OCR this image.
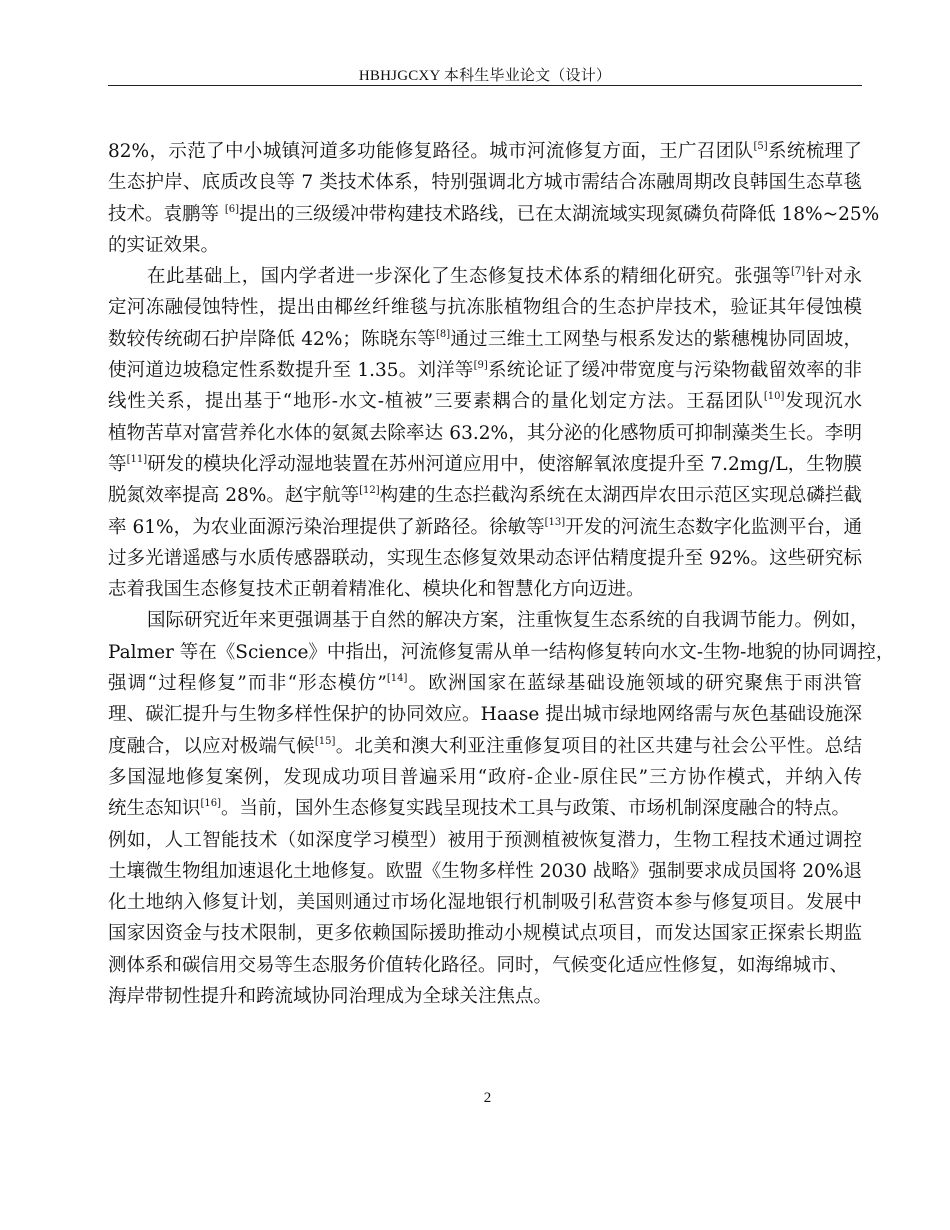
HBHJGCXY 本科生毕业论文（设计）
82%，示范了中小城镇河道多功能修复路径。城市河流修复方面，王广召团队[5]系统梳理了
生态护岸、底质改良等 7 类技术体系，特别强调北方城市需结合冻融周期改良韩国生态草毯
技术。袁鹏等 [6]提出的三级缓冲带构建技术路线，已在太湖流域实现氮磷负荷降低 18%~25%
的实证效果。
在此基础上，国内学者进一步深化了生态修复技术体系的精细化研究。张强等[7]针对永
定河冻融侵蚀特性，提出由椰丝纤维毯与抗冻胀植物组合的生态护岸技术，验证其年侵蚀模
数较传统砌石护岸降低 42%；陈晓东等[8]通过三维土工网垫与根系发达的紫穗槐协同固坡，
使河道边坡稳定性系数提升至 1.35。刘洋等[9]系统论证了缓冲带宽度与污染物截留效率的非
线性关系，提出基于“地形-水文-植被”三要素耦合的量化划定方法。王磊团队[10]发现沉水
植物苦草对富营养化水体的氨氮去除率达 63.2%，其分泌的化感物质可抑制藻类生长。李明
等[11]研发的模块化浮动湿地装置在苏州河道应用中，使溶解氧浓度提升至 7.2mg/L，生物膜
脱氮效率提高 28%。赵宇航等[12]构建的生态拦截沟系统在太湖西岸农田示范区实现总磷拦截
率 61%，为农业面源污染治理提供了新路径。徐敏等[13]开发的河流生态数字化监测平台，通
过多光谱遥感与水质传感器联动，实现生态修复效果动态评估精度提升至 92%。这些研究标
志着我国生态修复技术正朝着精准化、模块化和智慧化方向迈进。
国际研究近年来更强调基于自然的解决方案，注重恢复生态系统的自我调节能力。例如，
Palmer 等在《Science》中指出，河流修复需从单一结构修复转向水文-生物-地貌的协同调控，
强调“过程修复”而非“形态模仿”[14]。欧洲国家在蓝绿基础设施领域的研究聚焦于雨洪管
理、碳汇提升与生物多样性保护的协同效应。Haase 提出城市绿地网络需与灰色基础设施深
度融合，以应对极端气候[15]。北美和澳大利亚注重修复项目的社区共建与社会公平性。总结
多国湿地修复案例，发现成功项目普遍采用“政府-企业-原住民”三方协作模式，并纳入传
统生态知识[16]。当前，国外生态修复实践呈现技术工具与政策、市场机制深度融合的特点。
例如，人工智能技术（如深度学习模型）被用于预测植被恢复潜力，生物工程技术通过调控
土壤微生物组加速退化土地修复。欧盟《生物多样性 2030 战略》强制要求成员国将 20%退
化土地纳入修复计划，美国则通过市场化湿地银行机制吸引私营资本参与修复项目。发展中
国家因资金与技术限制，更多依赖国际援助推动小规模试点项目，而发达国家正探索长期监
测体系和碳信用交易等生态服务价值转化路径。同时，气候变化适应性修复，如海绵城市、
海岸带韧性提升和跨流域协同治理成为全球关注焦点。
2
